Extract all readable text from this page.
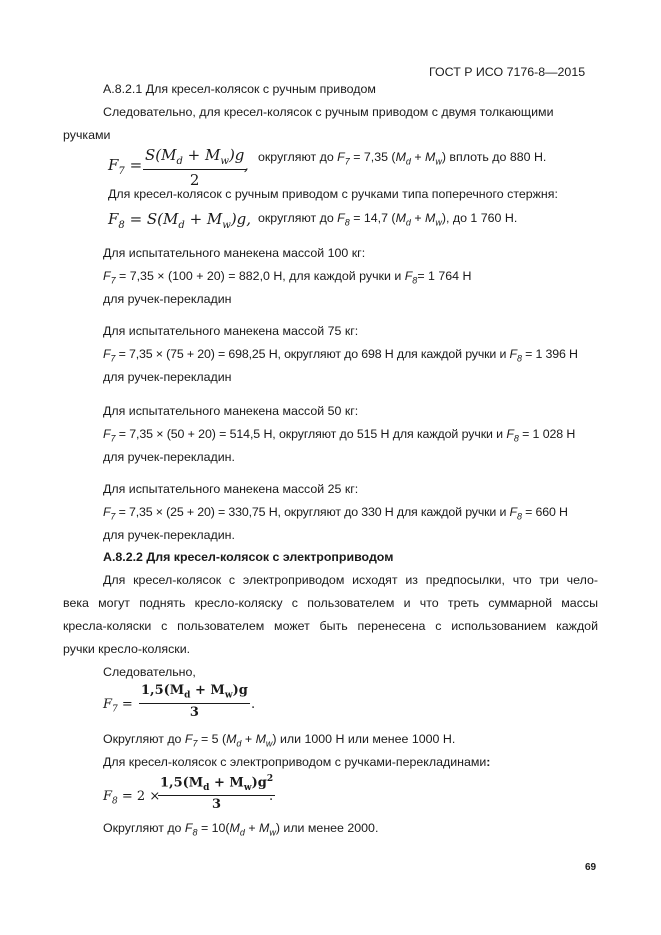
ГОСТ Р ИСО 7176-8—2015
А.8.2.1 Для кресел-колясок с ручным приводом
Следовательно, для кресел-колясок с ручным приводом с двумя толкающими
ручками
$F_7 = \frac{S(M_d + M_w)g}{2}$
, округляют до $F_7 = 7,35$ $(M_d + M_w)$ вплоть до 880 Н.
Для кресел-колясок с ручным приводом с ручками типа поперечного стержня:
$F_8 = S(M_d + M_w)g$, округляют до $F_8 = 14,7$ $(M_d + M_w)$, до 1 760 Н.
Для испытательного манекена массой 100 кг:
$F_7 = 7,35 \times (100 + 20) = 882,0$ Н, для каждой ручки и $F_8= 1$ 764 Н
для ручек-перекладин
Для испытательного манекена массой 75 кг:
$F_7 = 7,35 \times (75 + 20) = 698,25$ Н, округляют до 698 Н для каждой ручки и $F_8 = 1$ 396 Н
для ручек-перекладин
Для испытательного манекена массой 50 кг:
$F_7 = 7,35 \times (50 + 20) = 514,5$ Н, округляют до 515 Н для каждой ручки и $F_8 = 1$ 028 Н
для ручек-перекладин.
Для испытательного манекена массой 25 кг:
$F_7 = 7,35 \times (25 + 20) = 330,75$ Н, округляют до 330 Н для каждой ручки и $F_8 = 660$ Н
для ручек-перекладин.
А.8.2.2 Для кресел-колясок с электроприводом
Для кресел-колясок с электроприводом исходят из предпосылки, что три чело-
века могут поднять кресло-коляску с пользователем и что треть суммарной массы
кресла-коляски с пользователем может быть перенесена с использованием каждой
ручки кресло-коляски.
Следовательно,
$F_7 = \frac{1,5(M_d + M_w)g}{3}$ .
Округляют до $F_7 = 5$ $(M_d + M_w)$ или 1000 Н или менее 1000 Н.
Для кресел-колясок с электроприводом с ручками-перекладинами:
$F_8 = 2$ ×
$\frac{1,5(M_d + M_w)g^2}{3}$
.
Округляют до $F_8 = 10(M_d + M_w)$ или менее 2000.
69
